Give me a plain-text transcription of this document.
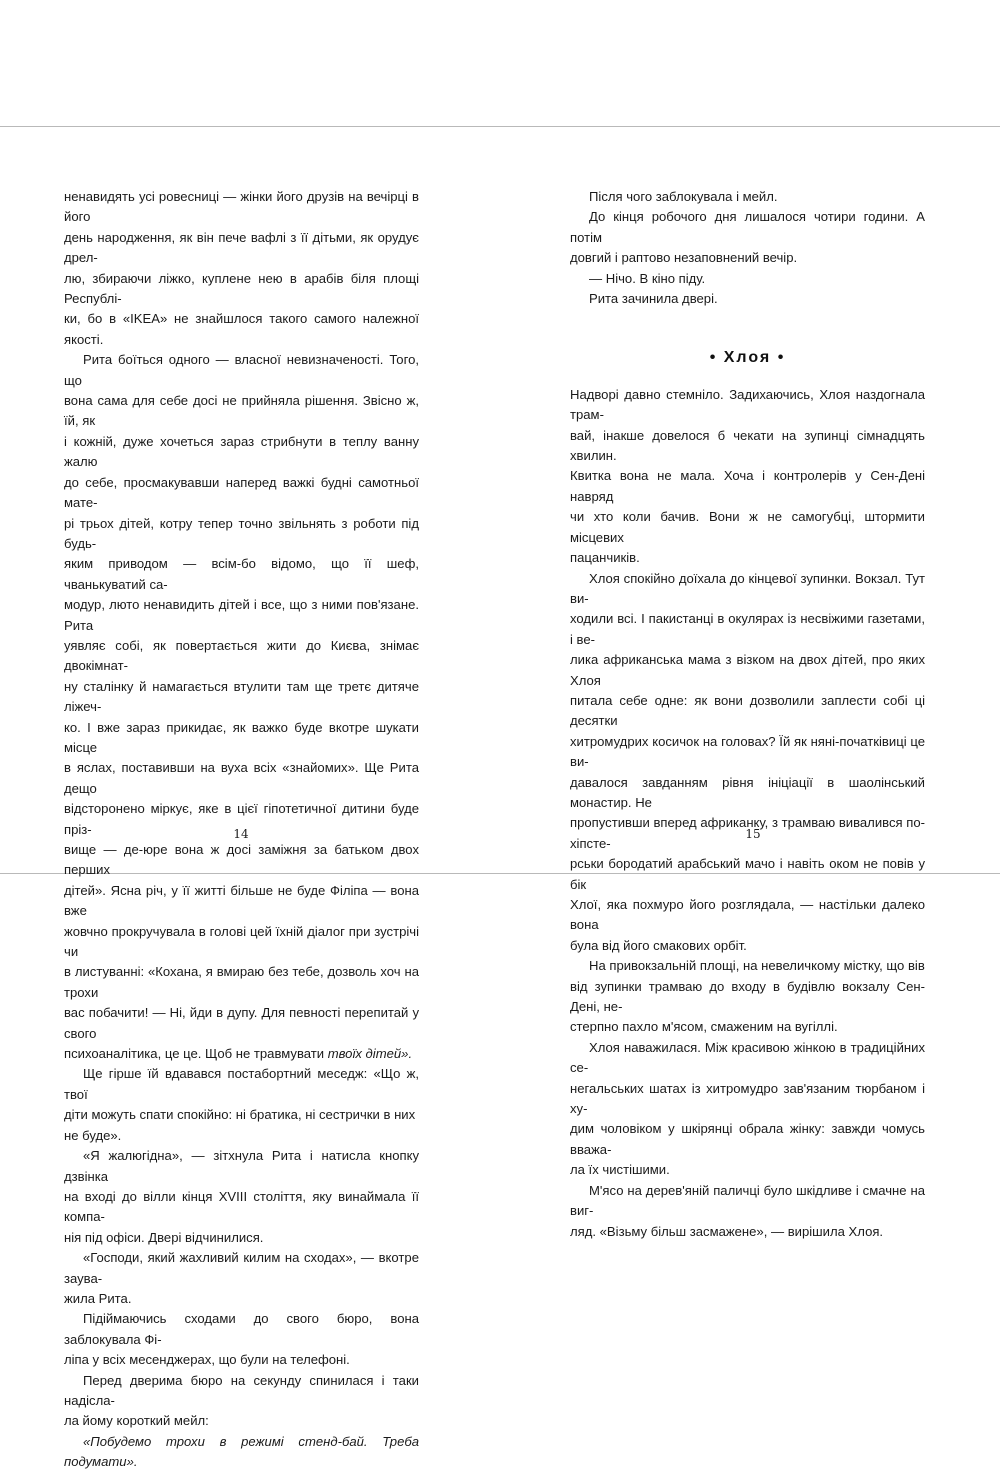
ненавидять усі ровесниці — жінки його друзів на вечірці в його
день народження, як він пече вафлі з її дітьми, як орудує дрел-
лю, збираючи ліжко, куплене нею в арабів біля площі Республі-
ки, бо в «IKEA» не знайшлося такого самого належної якості.

Рита боїться одного — власної невизначеності. Того, що
вона сама для себе досі не прийняла рішення. Звісно ж, їй, як
і кожній, дуже хочеться зараз стрибнути в теплу ванну жалю
до себе, просмакувавши наперед важкі будні самотньої мате-
рі трьох дітей, котру тепер точно звільнять з роботи під будь-
яким приводом — всім-бо відомо, що її шеф, чванькуватий са-
модур, люто ненавидить дітей і все, що з ними пов'язане. Рита
уявляє собі, як повертається жити до Києва, знімає двокімнат-
ну сталінку й намагається втулити там ще третє дитяче ліжеч-
ко. І вже зараз прикидає, як важко буде вкотре шукати місце
в яслах, поставивши на вуха всіх «знайомих». Ще Рита дещо
відсторонено міркує, яке в цієї гіпотетичної дитини буде пріз-
вище — де-юре вона ж досі заміжня за батьком двох перших
дітей». Ясна річ, у її житті більше не буде Філіпа — вона вже
жовчно прокручувала в голові цей їхній діалог при зустрічі чи
в листуванні: «Кохана, я вмираю без тебе, дозволь хоч на трохи
вас побачити! — Ні, йди в дупу. Для певності перепитай у свого
психоаналітика, це це. Щоб не травмувати твоїх дітей».

Ще гірше їй вдавався постабортний меседж: «Що ж, твої
діти можуть спати спокійно: ні братика, ні сестрички в них
не буде».

«Я жалюгідна», — зітхнула Рита і натисла кнопку дзвінка
на вході до вілли кінця XVIII століття, яку винаймала її компа-
нія під офіси. Двері відчинилися.

«Господи, який жахливий килим на сходах», — вкотре заува-
жила Рита.

Підіймаючись сходами до свого бюро, вона заблокувала Фі-
ліпа у всіх месенджерах, що були на телефоні.

Перед дверима бюро на секунду спинилася і таки надісла-
ла йому короткий мейл:

«Побудемо трохи в режимі стенд-бай. Треба подумати».

14

Після чого заблокувала і мейл.

До кінця робочого дня лишалося чотири години. А потім
довгий і раптово незаповнений вечір.

— Нічо. В кіно піду.

Рита зачинила двері.

• Хлоя •

Надворі давно стемніло. Задихаючись, Хлоя наздогнала трам-
вай, інакше довелося б чекати на зупинці сімнадцять хвилин.
Квитка вона не мала. Хоча і контролерів у Сен-Дені навряд
чи хто коли бачив. Вони ж не самогубці, штормити місцевих
пацанчиків.

Хлоя спокійно доїхала до кінцевої зупинки. Вокзал. Тут ви-
ходили всі. І пакистанці в окулярах із несвіжими газетами, і ве-
лика африканська мама з візком на двох дітей, про яких Хлоя
питала себе одне: як вони дозволили заплести собі ці десятки
хитромудрих косичок на головах? Їй як няні-початківиці це ви-
давалося завданням рівня ініціації в шаолінський монастир. Не
пропустивши вперед африканку, з трамваю вивалився по-хіпсте-
рськи бородатий арабський мачо і навіть оком не повів у бік
Хлої, яка похмуро його розглядала, — настільки далеко вона
була від його смакових орбіт.

На привокзальній площі, на невеличкому містку, що вів
від зупинки трамваю до входу в будівлю вокзалу Сен-Дені, не-
стерпно пахло м'ясом, смаженим на вугіллі.

Хлоя наважилася. Між красивою жінкою в традиційних се-
негальських шатах із хитромудро зав'язаним тюрбаном і ху-
дим чоловіком у шкірянці обрала жінку: завжди чомусь вважа-
ла їх чистішими.

М'ясо на дерев'яній паличці було шкідливе і смачне на виг-
ляд. «Візьму більш засмажене», — вирішила Хлоя.

15
